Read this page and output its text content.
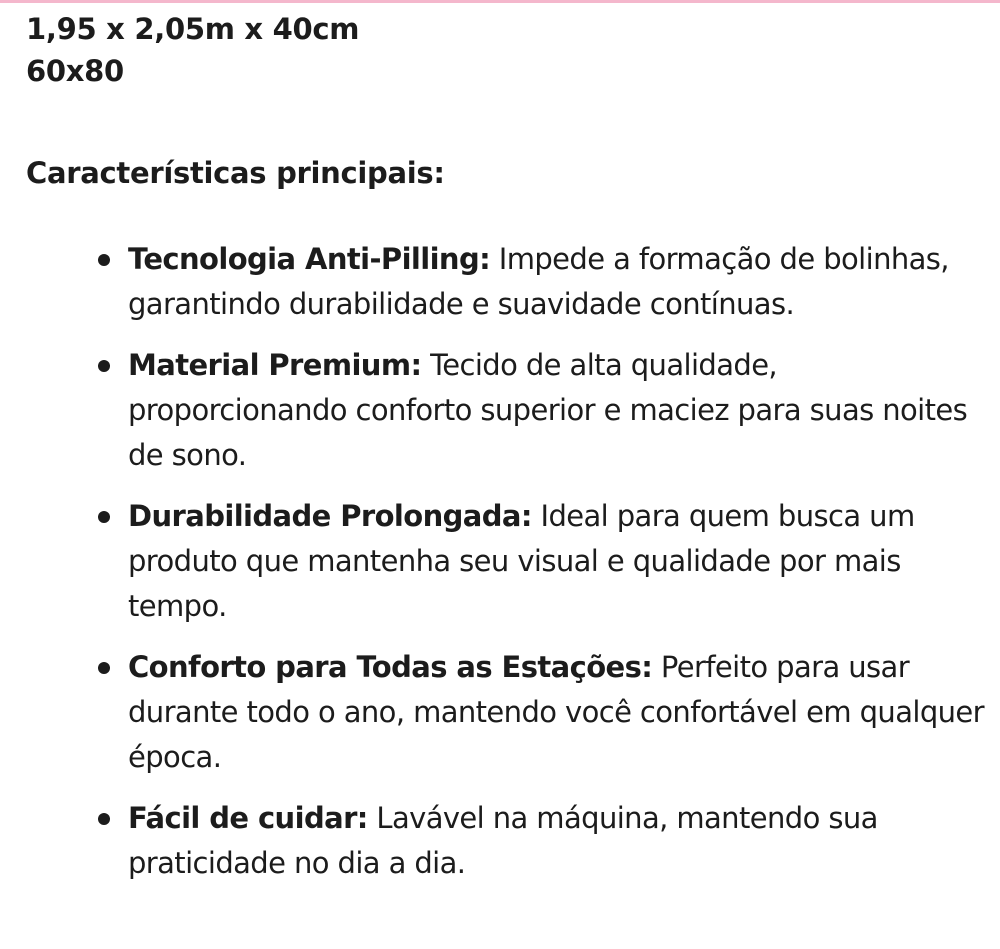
1,95 x 2,05m x 40cm

60x80

Características principais:

Tecnologia Anti-Pilling: Impede a formação de bolinhas, garantindo durabilidade e suavidade contínuas.
Material Premium: Tecido de alta qualidade, proporcionando conforto superior e maciez para suas noites de sono.
Durabilidade Prolongada: Ideal para quem busca um produto que mantenha seu visual e qualidade por mais tempo.
Conforto para Todas as Estações: Perfeito para usar durante todo o ano, mantendo você confortável em qualquer época.
Fácil de cuidar: Lavável na máquina, mantendo sua praticidade no dia a dia.
